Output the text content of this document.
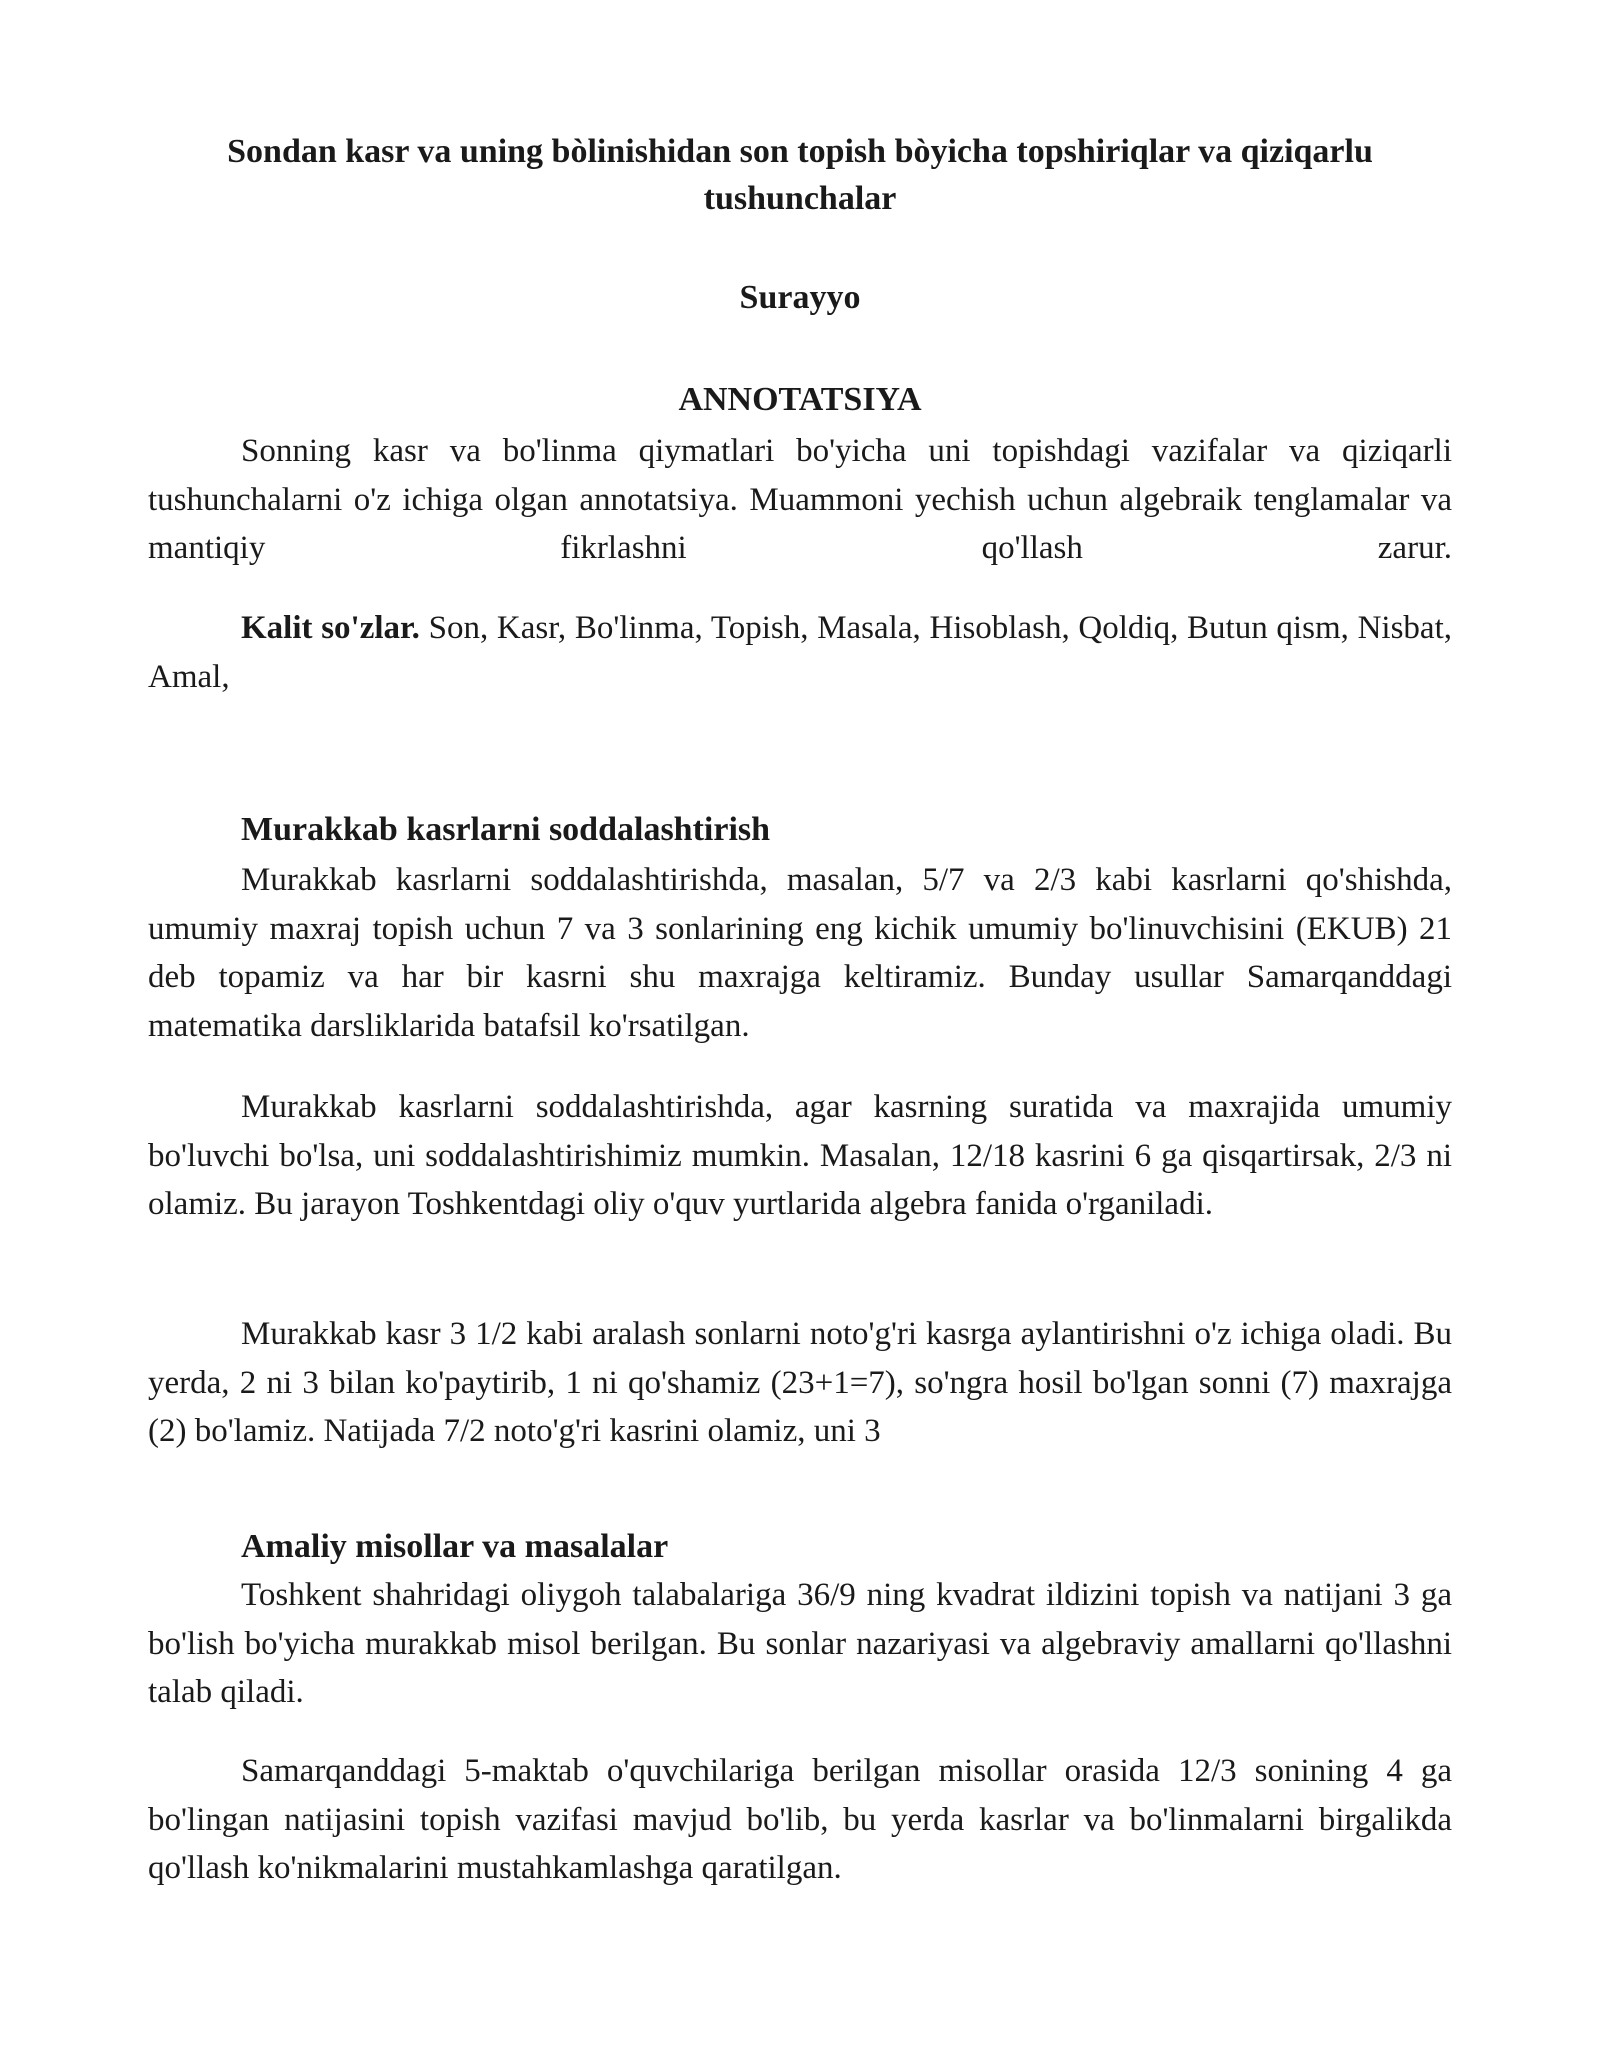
Sondan kasr va uning bòlinishidan son topish bòyicha topshiriqlar va qiziqarlu tushunchalar
Surayyo
ANNOTATSIYA

Sonning kasr va bo'linma qiymatlari bo'yicha uni topishdagi vazifalar va qiziqarli tushunchalarni o'z ichiga olgan annotatsiya. Muammoni yechish uchun algebraik tenglamalar va mantiqiy fikrlashni qo'llash zarur.

Kalit so'zlar. Son, Kasr, Bo'linma, Topish, Masala, Hisoblash, Qoldiq, Butun qism, Nisbat, Amal,

Murakkab kasrlarni soddalashtirish

Murakkab kasrlarni soddalashtirishda, masalan, 5/7 va 2/3 kabi kasrlarni qo'shishda, umumiy maxraj topish uchun 7 va 3 sonlarining eng kichik umumiy bo'linuvchisini (EKUB) 21 deb topamiz va har bir kasrni shu maxrajga keltiramiz. Bunday usullar Samarqanddagi matematika darsliklarida batafsil ko'rsatilgan.

Murakkab kasrlarni soddalashtirishda, agar kasrning suratida va maxrajida umumiy bo'luvchi bo'lsa, uni soddalashtirishimiz mumkin. Masalan, 12/18 kasrini 6 ga qisqartirsak, 2/3 ni olamiz. Bu jarayon Toshkentdagi oliy o'quv yurtlarida algebra fanida o'rganiladi.

Murakkab kasr 3 1/2 kabi aralash sonlarni noto'g'ri kasrga aylantirishni o'z ichiga oladi. Bu yerda, 2 ni 3 bilan ko'paytirib, 1 ni qo'shamiz (23+1=7), so'ngra hosil bo'lgan sonni (7) maxrajga (2) bo'lamiz. Natijada 7/2 noto'g'ri kasrini olamiz, uni 3

Amaliy misollar va masalalar

Toshkent shahridagi oliygoh talabalariga 36/9 ning kvadrat ildizini topish va natijani 3 ga bo'lish bo'yicha murakkab misol berilgan. Bu sonlar nazariyasi va algebraviy amallarni qo'llashni talab qiladi.

Samarqanddagi 5-maktab o'quvchilariga berilgan misollar orasida 12/3 sonining 4 ga bo'lingan natijasini topish vazifasi mavjud bo'lib, bu yerda kasrlar va bo'linmalarni birgalikda qo'llash ko'nikmalarini mustahkamlashga qaratilgan.
